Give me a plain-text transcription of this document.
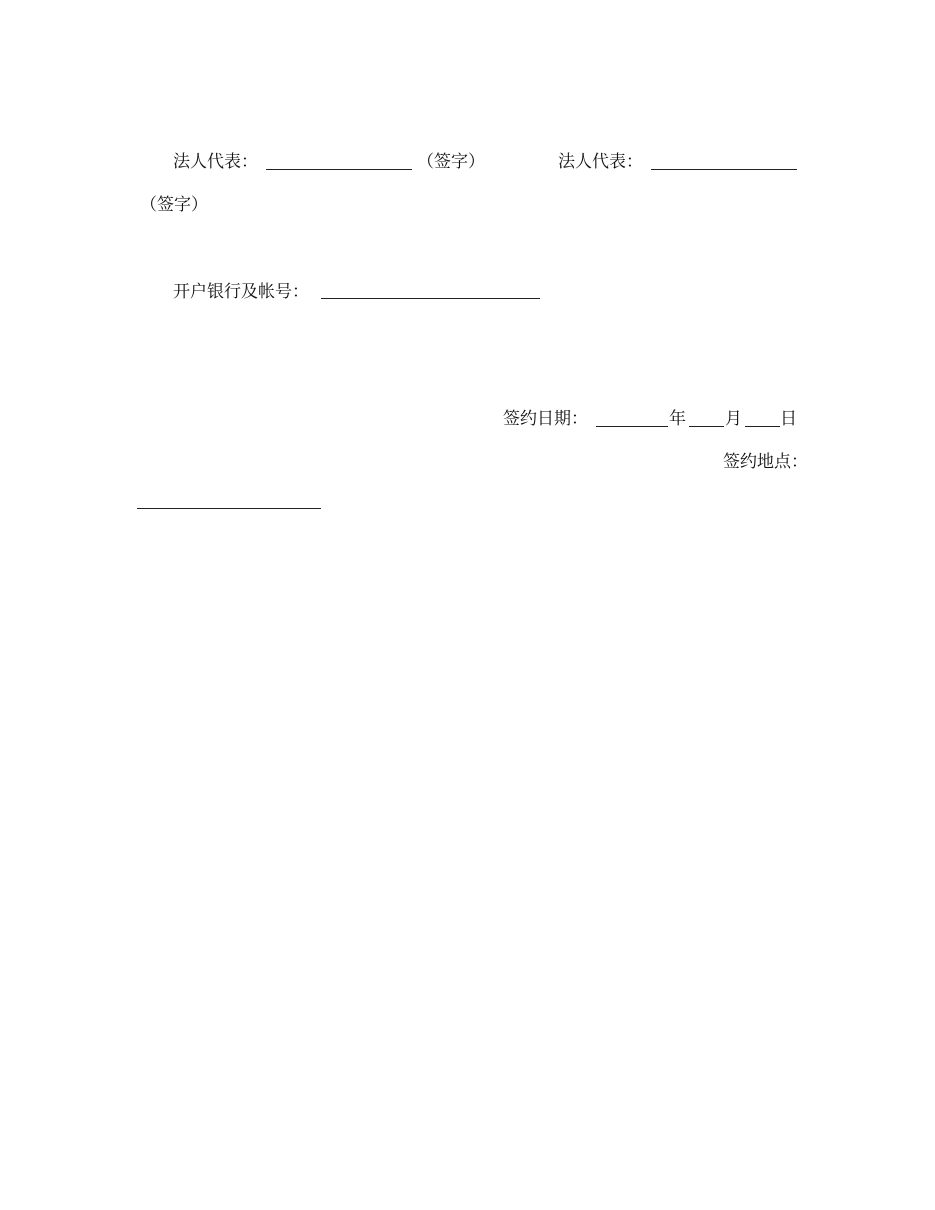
法人代表：	（签字）	法人代表：
（签字）
开户银行及帐号：
签约日期：	年 月 日
签约地点：
